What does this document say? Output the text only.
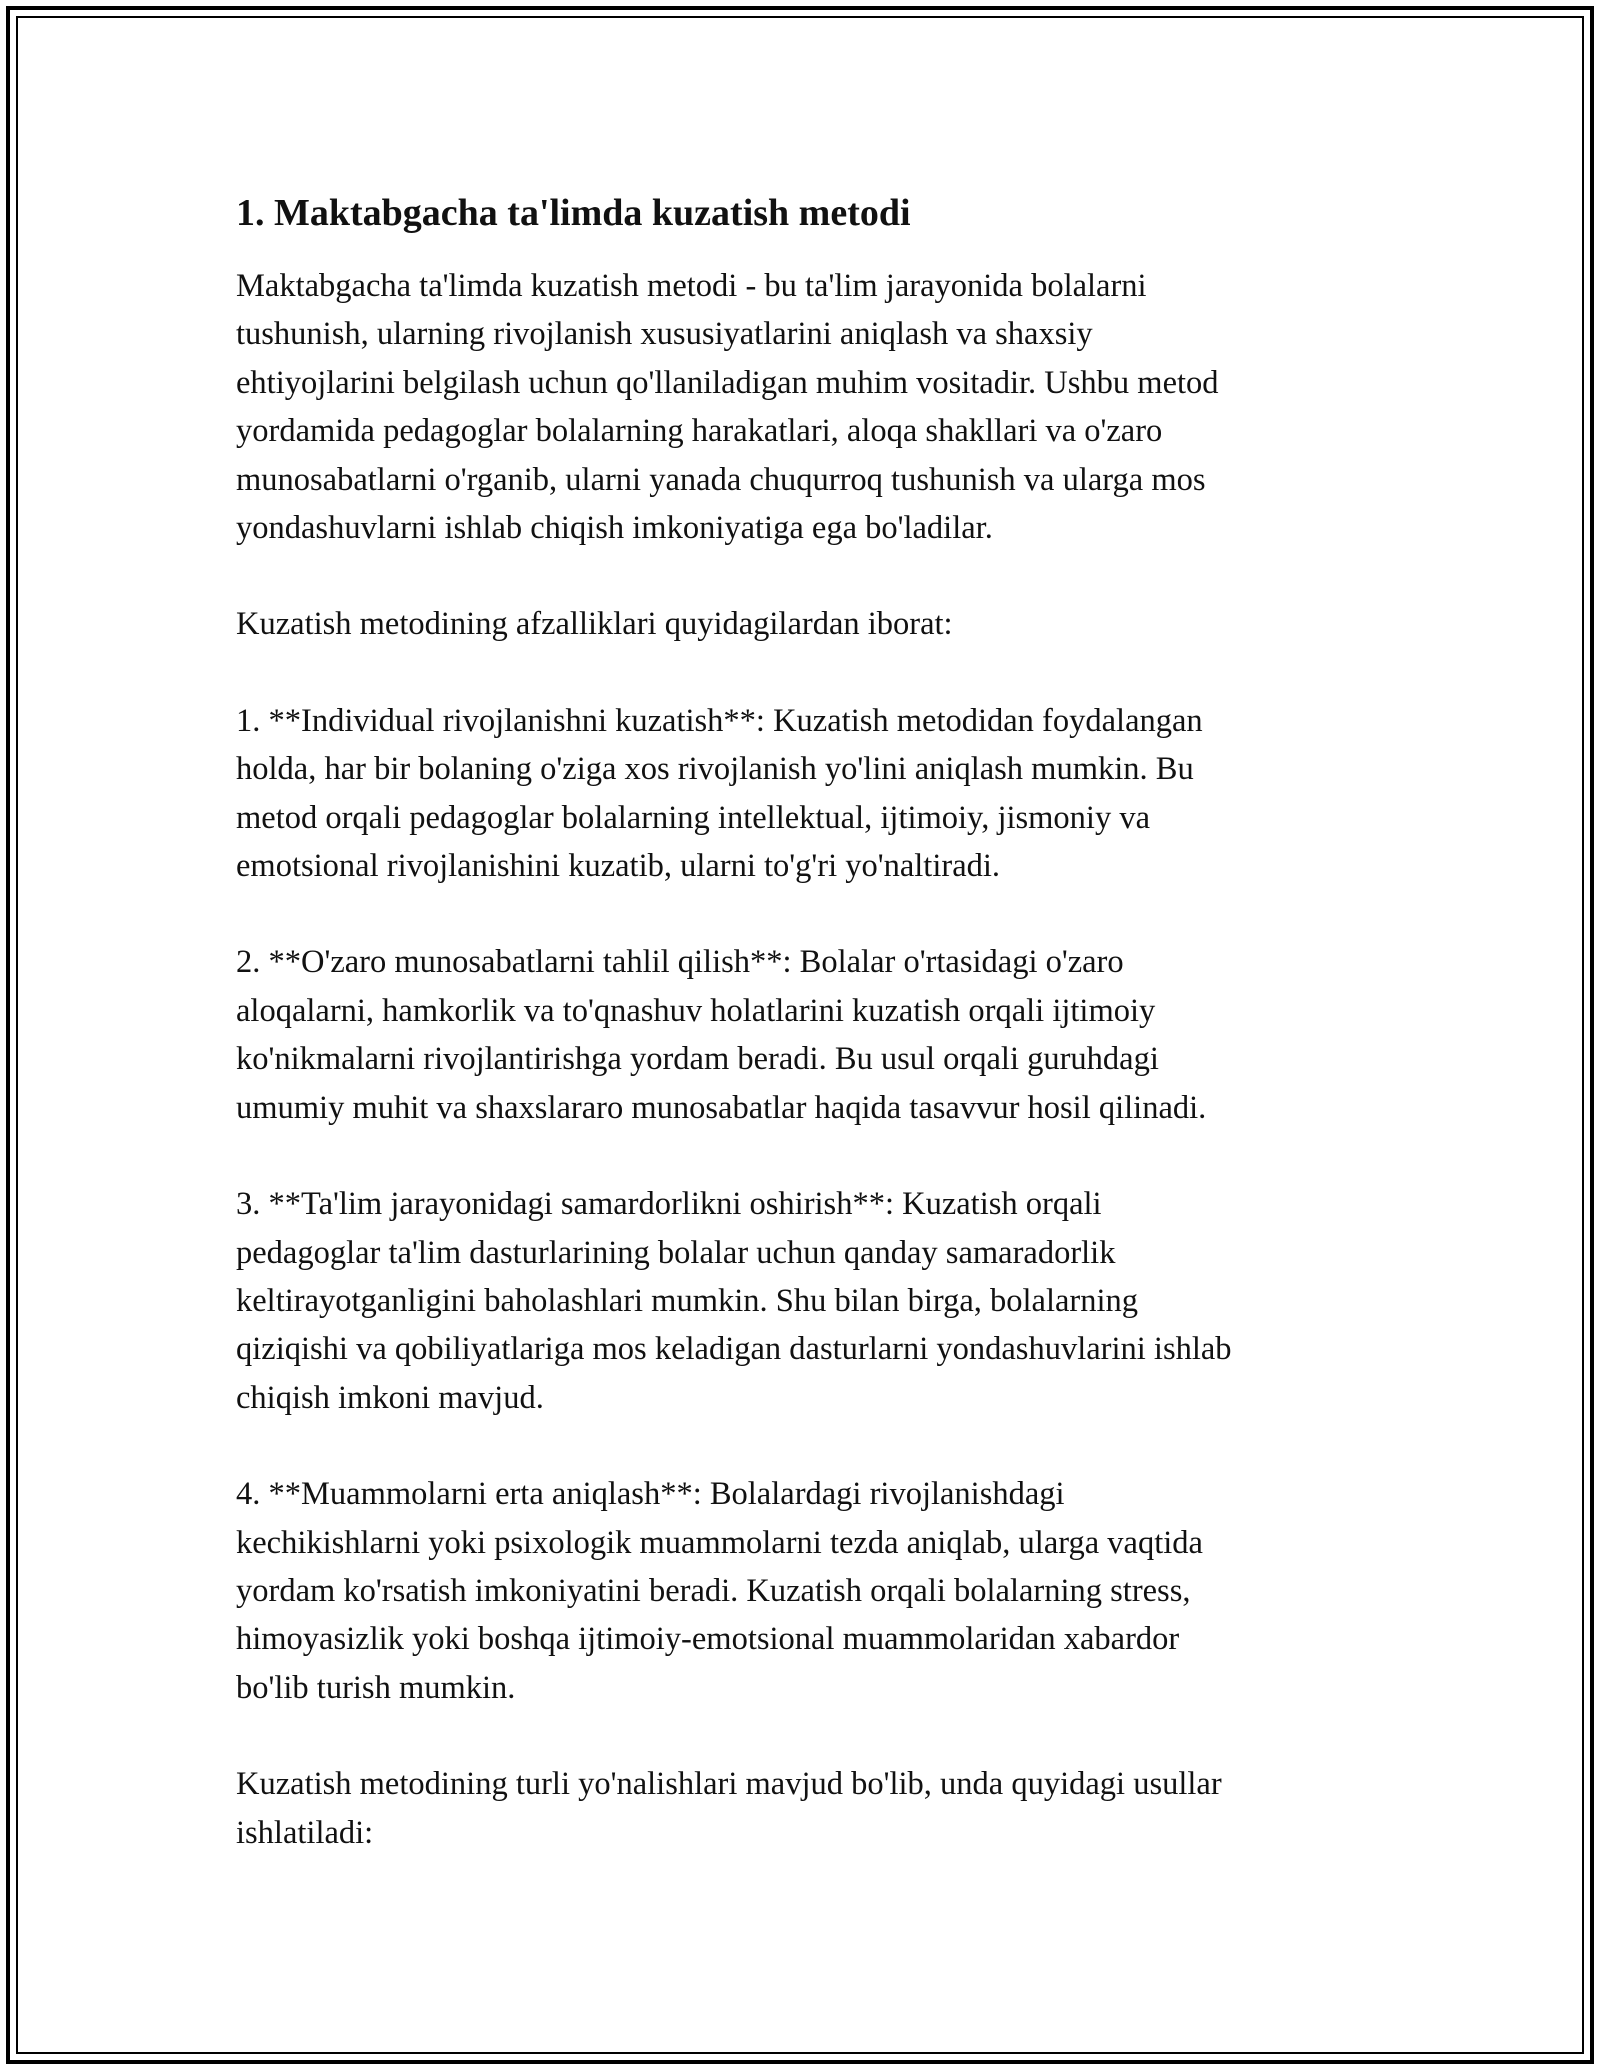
1. Maktabgacha ta'limda kuzatish metodi

Maktabgacha ta'limda kuzatish metodi - bu ta'lim jarayonida bolalarni
tushunish, ularning rivojlanish xususiyatlarini aniqlash va shaxsiy
ehtiyojlarini belgilash uchun qo'llaniladigan muhim vositadir. Ushbu metod
yordamida pedagoglar bolalarning harakatlari, aloqa shakllari va o'zaro
munosabatlarni o'rganib, ularni yanada chuqurroq tushunish va ularga mos
yondashuvlarni ishlab chiqish imkoniyatiga ega bo'ladilar.

Kuzatish metodining afzalliklari quyidagilardan iborat:

1. **Individual rivojlanishni kuzatish**: Kuzatish metodidan foydalangan
holda, har bir bolaning o'ziga xos rivojlanish yo'lini aniqlash mumkin. Bu
metod orqali pedagoglar bolalarning intellektual, ijtimoiy, jismoniy va
emotsional rivojlanishini kuzatib, ularni to'g'ri yo'naltiradi.

2. **O'zaro munosabatlarni tahlil qilish**: Bolalar o'rtasidagi o'zaro
aloqalarni, hamkorlik va to'qnashuv holatlarini kuzatish orqali ijtimoiy
ko'nikmalarni rivojlantirishga yordam beradi. Bu usul orqali guruhdagi
umumiy muhit va shaxslararo munosabatlar haqida tasavvur hosil qilinadi.

3. **Ta'lim jarayonidagi samardorlikni oshirish**: Kuzatish orqali
pedagoglar ta'lim dasturlarining bolalar uchun qanday samaradorlik
keltirayotganligini baholashlari mumkin. Shu bilan birga, bolalarning
qiziqishi va qobiliyatlariga mos keladigan dasturlarni yondashuvlarini ishlab
chiqish imkoni mavjud.

4. **Muammolarni erta aniqlash**: Bolalardagi rivojlanishdagi
kechikishlarni yoki psixologik muammolarni tezda aniqlab, ularga vaqtida
yordam ko'rsatish imkoniyatini beradi. Kuzatish orqali bolalarning stress,
himoyasizlik yoki boshqa ijtimoiy-emotsional muammolaridan xabardor
bo'lib turish mumkin.

Kuzatish metodining turli yo'nalishlari mavjud bo'lib, unda quyidagi usullar
ishlatiladi:
